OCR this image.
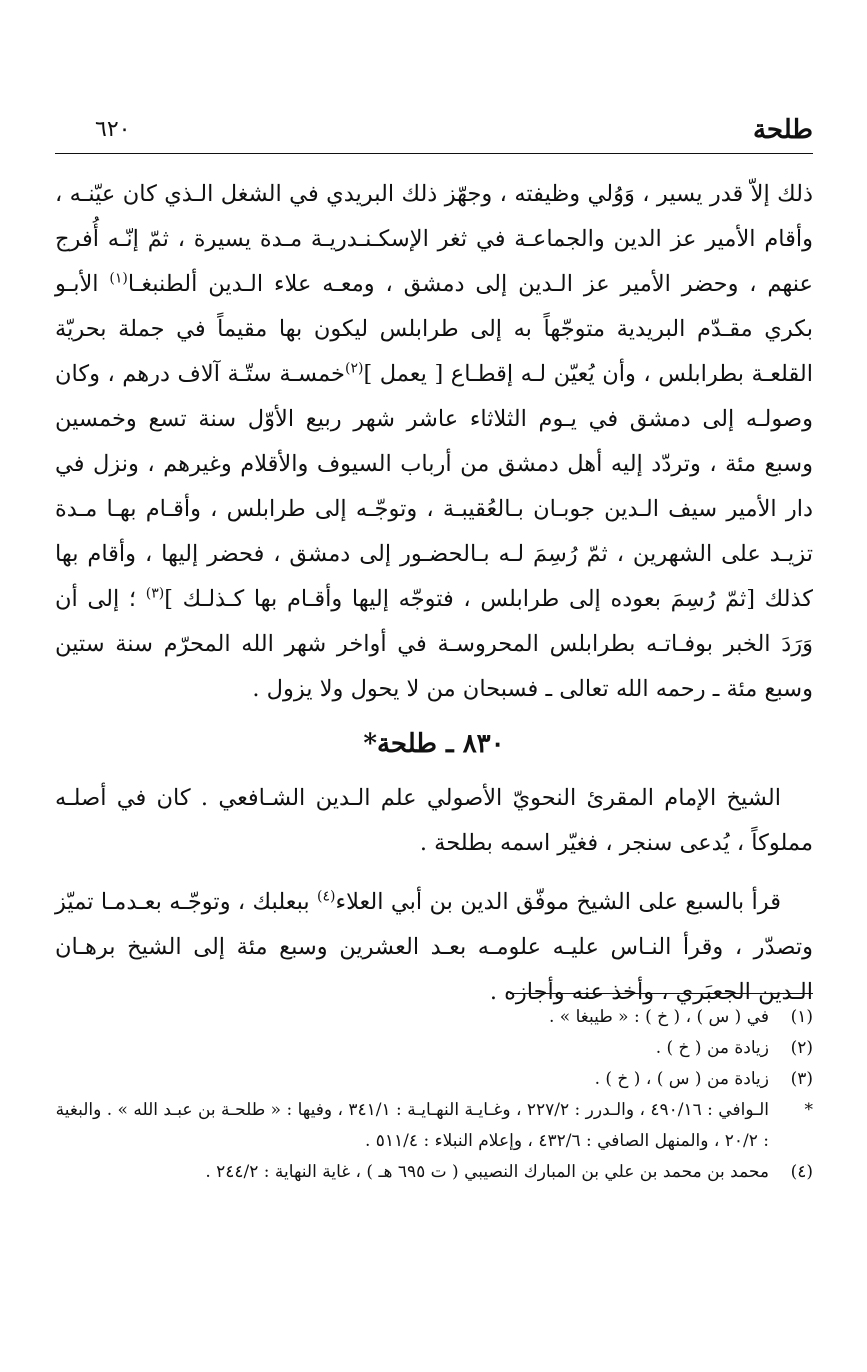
طلحة
٦٢٠

ذلك إلاّ قدر يسير ، وَوُلي وظيفته ، وجهّز ذلك البريدي في الشغل الـذي كان عيّنـه ، وأقام الأمير عز الدين والجماعـة في ثغر الإسكـنـدريـة مـدة يسيرة ، ثمّ إنّـه أُفرج عنهم ، وحضر الأمير عز الـدين إلى دمشق ، ومعـه علاء الـدين ألطنبغـا$^{(١)}$ الأبـو بكري مقـدّم البريدية متوجّهاً به إلى طرابلس ليكون بها مقيماً في جملة بحريّة القلعـة بطرابلس ، وأن يُعيّن لـه إقطـاع [ يعمل ]$^{(٢)}$خمسـة ستّـة آلاف درهم ، وكان وصولـه إلى دمشق في يـوم الثلاثاء عاشر شهر ربيع الأوّل سنة تسع وخمسين وسبع مئة ، وتردّد إليه أهل دمشق من أرباب السيوف والأقلام وغيرهم ، ونزل في دار الأمير سيف الـدين جوبـان بـالعُقيبـة ، وتوجّـه إلى طرابلس ، وأقـام بهـا مـدة تزيـد على الشهرين ، ثمّ رُسِمَ لـه بـالحضـور إلى دمشق ، فحضر إليها ، وأقام بها كذلك [ثمّ رُسِمَ بعوده إلى طرابلس ، فتوجّه إليها وأقـام بها كـذلـك ]$^{(٣)}$ ؛ إلى أن وَرَدَ الخبر بوفـاتـه بطرابلس المحروسـة في أواخر شهر الله المحرّم سنة ستين وسبع مئة ـ رحمه الله تعالى ـ فسبحان من لا يحول ولا يزول .

٨٣٠ ـ طلحة*

الشيخ الإمام المقرئ النحويّ الأصولي علم الـدين الشـافعي . كان في أصلـه مملوكاً ، يُدعى سنجر ، فغيّر اسمه بطلحة .

قرأ بالسبع على الشيخ موفّق الدين بن أبي العلاء$^{(٤)}$ ببعلبك ، وتوجّـه بعـدمـا تميّز وتصدّر ، وقرأ النـاس عليـه علومـه بعـد العشرين وسبع مئة إلى الشيخ برهـان الـدين الجعبَري ، وأخذ عنه وأجازه .

(١)
في ( س ) ، ( خ ) : « طيبغا » .
(٢)
زيادة من ( خ ) .
(٣)
زيادة من ( س ) ، ( خ ) .
*
الـوافي : ٤٩٠/١٦ ، والـدرر : ٢٢٧/٢ ، وغـايـة النهـايـة : ٣٤١/١ ، وفيها : « طلحـة بن عبـد الله » . والبغية : ٢٠/٢ ، والمنهل الصافي : ٤٣٢/٦ ، وإعلام النبلاء : ٥١١/٤ .
(٤)
محمد بن محمد بن علي بن المبارك النصيبي ( ت ٦٩٥ هـ ) ، غاية النهاية : ٢٤٤/٢ .
